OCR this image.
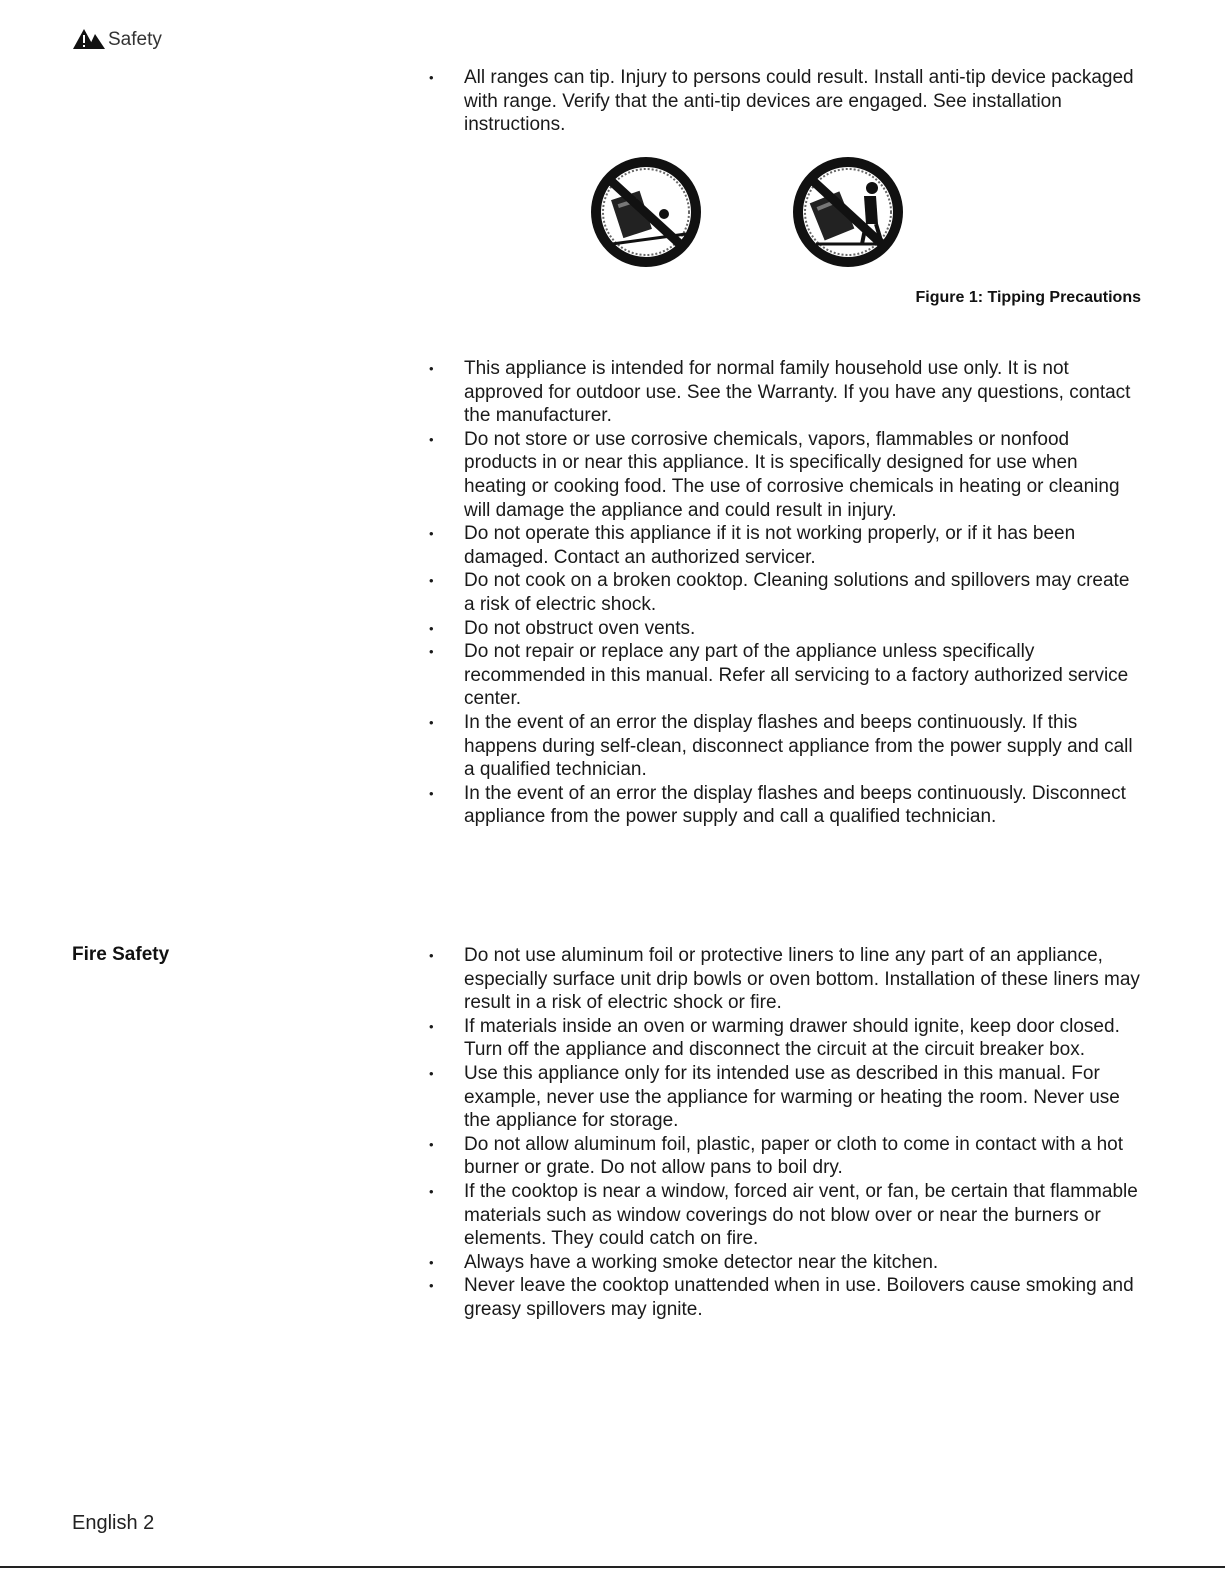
Safety
• All ranges can tip. Injury to persons could result. Install anti-tip device packaged with range. Verify that the anti-tip devices are engaged. See installation instructions.
Figure 1: Tipping Precautions
• This appliance is intended for normal family household use only. It is not approved for outdoor use. See the Warranty. If you have any questions, contact the manufacturer.
• Do not store or use corrosive chemicals, vapors, flammables or nonfood products in or near this appliance. It is specifically designed for use when heating or cooking food. The use of corrosive chemicals in heating or cleaning will damage the appliance and could result in injury.
• Do not operate this appliance if it is not working properly, or if it has been damaged. Contact an authorized servicer.
• Do not cook on a broken cooktop. Cleaning solutions and spillovers may create a risk of electric shock.
• Do not obstruct oven vents.
• Do not repair or replace any part of the appliance unless specifically recommended in this manual. Refer all servicing to a factory authorized service center.
• In the event of an error the display flashes and beeps continuously. If this happens during self-clean, disconnect appliance from the power supply and call a qualified technician.
• In the event of an error the display flashes and beeps continuously. Disconnect appliance from the power supply and call a qualified technician.
Fire Safety
•	Do not use aluminum foil or protective liners to line any part of an appliance, especially surface unit drip bowls or oven bottom. Installation of these liners may result in a risk of electric shock or fire.
• If materials inside an oven or warming drawer should ignite, keep door closed. Turn off the appliance and disconnect the circuit at the circuit breaker box.
• Use this appliance only for its intended use as described in this manual. For example, never use the appliance for warming or heating the room. Never use the appliance for storage.
• Do not allow aluminum foil, plastic, paper or cloth to come in contact with a hot burner or grate. Do not allow pans to boil dry.
• If the cooktop is near a window, forced air vent, or fan, be certain that flammable materials such as window coverings do not blow over or near the burners or elements. They could catch on fire.
• Always have a working smoke detector near the kitchen.
• Never leave the cooktop unattended when in use. Boilovers cause smoking and greasy spillovers may ignite.
English 2
